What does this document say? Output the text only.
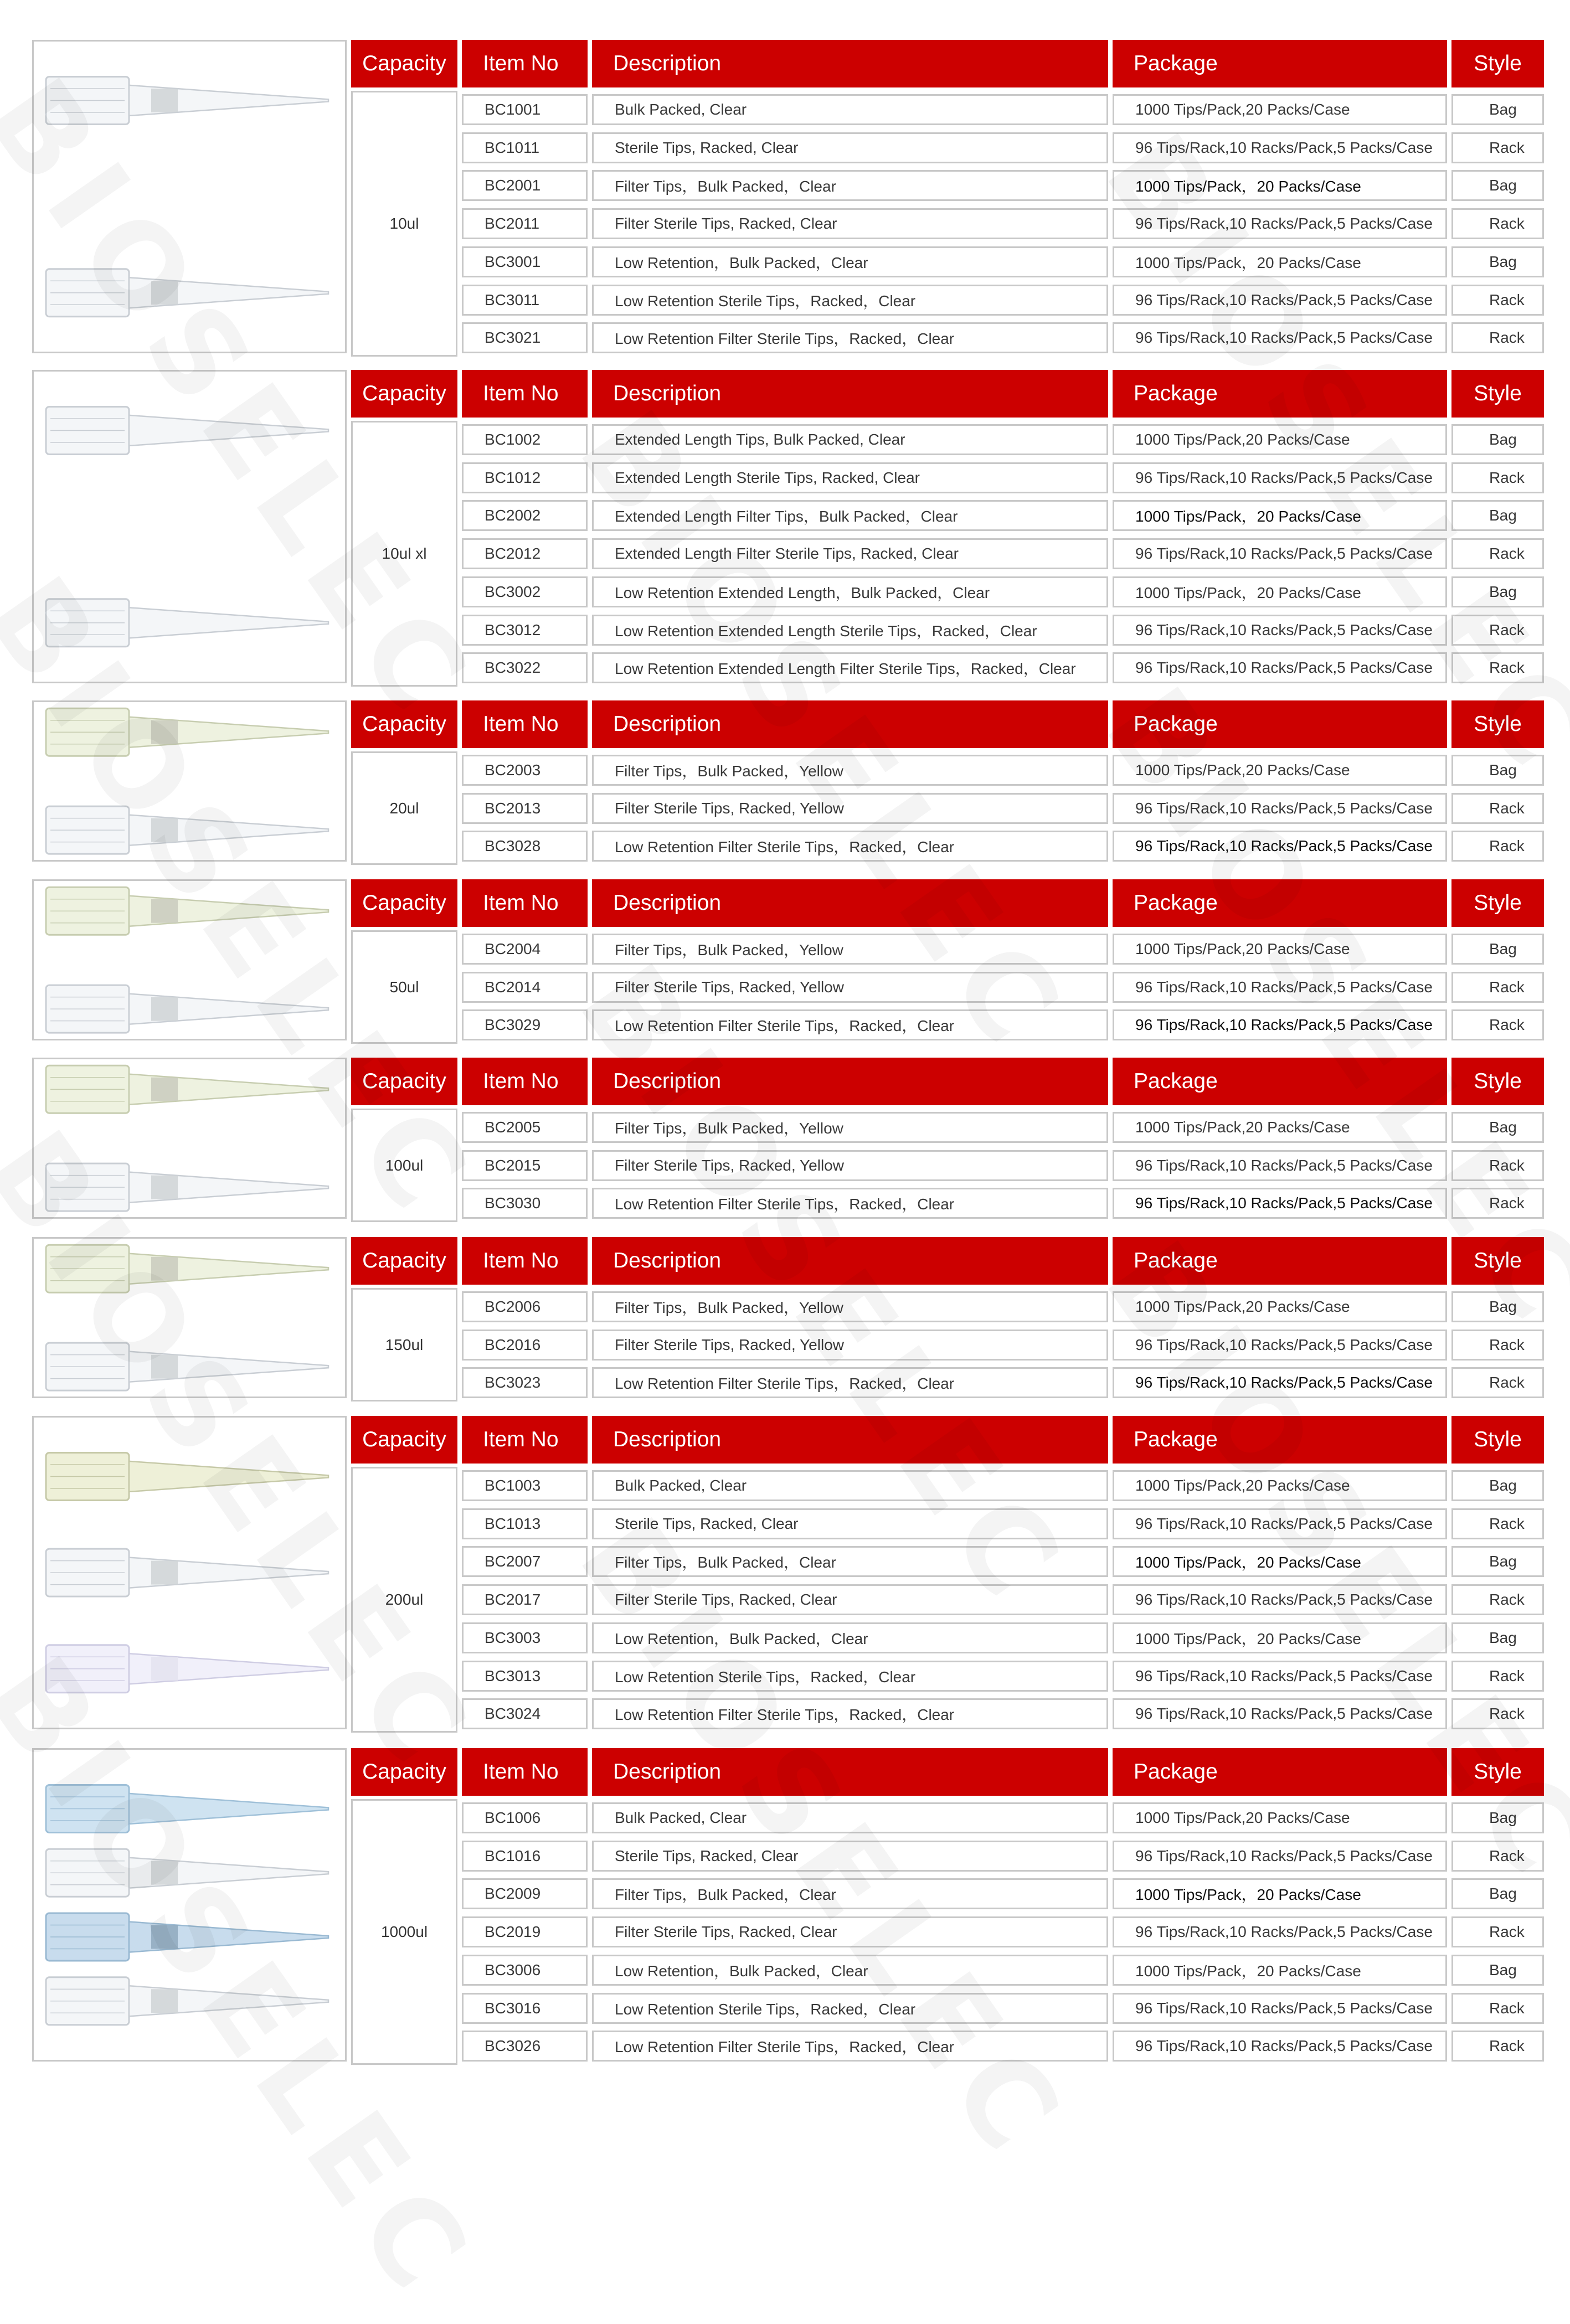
Capacity	Item No	Description	Package	Style
10ul
BC1001	Bulk Packed, Clear	1000 Tips/Pack,20 Packs/Case	Bag
BC1011	Sterile Tips, Racked, Clear	96 Tips/Rack,10 Racks/Pack,5 Packs/Case	Rack
BC2001	Filter Tips，Bulk Packed，Clear	1000 Tips/Pack，20 Packs/Case	Bag
BC2011	Filter Sterile Tips, Racked, Clear	96 Tips/Rack,10 Racks/Pack,5 Packs/Case	Rack
BC3001	Low Retention，Bulk Packed，Clear	1000 Tips/Pack，20 Packs/Case	Bag
BC3011	Low Retention Sterile Tips，Racked，Clear	96 Tips/Rack,10 Racks/Pack,5 Packs/Case	Rack
BC3021	Low Retention Filter Sterile Tips，Racked，Clear	96 Tips/Rack,10 Racks/Pack,5 Packs/Case	Rack
Capacity	Item No	Description	Package	Style
10ul xl
BC1002	Extended Length Tips, Bulk Packed, Clear	1000 Tips/Pack,20 Packs/Case	Bag
BC1012	Extended Length Sterile Tips, Racked, Clear	96 Tips/Rack,10 Racks/Pack,5 Packs/Case	Rack
BC2002	Extended Length Filter Tips，Bulk Packed，Clear	1000 Tips/Pack，20 Packs/Case	Bag
BC2012	Extended Length Filter Sterile Tips, Racked, Clear	96 Tips/Rack,10 Racks/Pack,5 Packs/Case	Rack
BC3002	Low Retention Extended Length，Bulk Packed，Clear	1000 Tips/Pack，20 Packs/Case	Bag
BC3012	Low Retention Extended Length Sterile Tips，Racked，Clear	96 Tips/Rack,10 Racks/Pack,5 Packs/Case	Rack
BC3022	Low Retention Extended Length Filter Sterile Tips，Racked，Clear	96 Tips/Rack,10 Racks/Pack,5 Packs/Case	Rack
Capacity	Item No	Description	Package	Style
20ul
BC2003	Filter Tips，Bulk Packed，Yellow	1000 Tips/Pack,20 Packs/Case	Bag
BC2013	Filter Sterile Tips, Racked, Yellow	96 Tips/Rack,10 Racks/Pack,5 Packs/Case	Rack
BC3028	Low Retention Filter Sterile Tips，Racked，Clear	96 Tips/Rack,10 Racks/Pack,5 Packs/Case	Rack
Capacity	Item No	Description	Package	Style
50ul
BC2004	Filter Tips，Bulk Packed，Yellow	1000 Tips/Pack,20 Packs/Case	Bag
BC2014	Filter Sterile Tips, Racked, Yellow	96 Tips/Rack,10 Racks/Pack,5 Packs/Case	Rack
BC3029	Low Retention Filter Sterile Tips，Racked，Clear	96 Tips/Rack,10 Racks/Pack,5 Packs/Case	Rack
Capacity	Item No	Description	Package	Style
100ul
BC2005	Filter Tips，Bulk Packed，Yellow	1000 Tips/Pack,20 Packs/Case	Bag
BC2015	Filter Sterile Tips, Racked, Yellow	96 Tips/Rack,10 Racks/Pack,5 Packs/Case	Rack
BC3030	Low Retention Filter Sterile Tips，Racked，Clear	96 Tips/Rack,10 Racks/Pack,5 Packs/Case	Rack
Capacity	Item No	Description	Package	Style
150ul
BC2006	Filter Tips，Bulk Packed，Yellow	1000 Tips/Pack,20 Packs/Case	Bag
BC2016	Filter Sterile Tips, Racked, Yellow	96 Tips/Rack,10 Racks/Pack,5 Packs/Case	Rack
BC3023	Low Retention Filter Sterile Tips，Racked，Clear	96 Tips/Rack,10 Racks/Pack,5 Packs/Case	Rack
Capacity	Item No	Description	Package	Style
200ul
BC1003	Bulk Packed, Clear	1000 Tips/Pack,20 Packs/Case	Bag
BC1013	Sterile Tips, Racked, Clear	96 Tips/Rack,10 Racks/Pack,5 Packs/Case	Rack
BC2007	Filter Tips，Bulk Packed，Clear	1000 Tips/Pack，20 Packs/Case	Bag
BC2017	Filter Sterile Tips, Racked, Clear	96 Tips/Rack,10 Racks/Pack,5 Packs/Case	Rack
BC3003	Low Retention，Bulk Packed，Clear	1000 Tips/Pack，20 Packs/Case	Bag
BC3013	Low Retention Sterile Tips，Racked，Clear	96 Tips/Rack,10 Racks/Pack,5 Packs/Case	Rack
BC3024	Low Retention Filter Sterile Tips，Racked，Clear	96 Tips/Rack,10 Racks/Pack,5 Packs/Case	Rack
Capacity	Item No	Description	Package	Style
1000ul
BC1006	Bulk Packed, Clear	1000 Tips/Pack,20 Packs/Case	Bag
BC1016	Sterile Tips, Racked, Clear	96 Tips/Rack,10 Racks/Pack,5 Packs/Case	Rack
BC2009	Filter Tips，Bulk Packed，Clear	1000 Tips/Pack，20 Packs/Case	Bag
BC2019	Filter Sterile Tips, Racked, Clear	96 Tips/Rack,10 Racks/Pack,5 Packs/Case	Rack
BC3006	Low Retention，Bulk Packed，Clear	1000 Tips/Pack，20 Packs/Case	Bag
BC3016	Low Retention Sterile Tips，Racked，Clear	96 Tips/Rack,10 Racks/Pack,5 Packs/Case	Rack
BC3026	Low Retention Filter Sterile Tips，Racked，Clear	96 Tips/Rack,10 Racks/Pack,5 Packs/Case	Rack
